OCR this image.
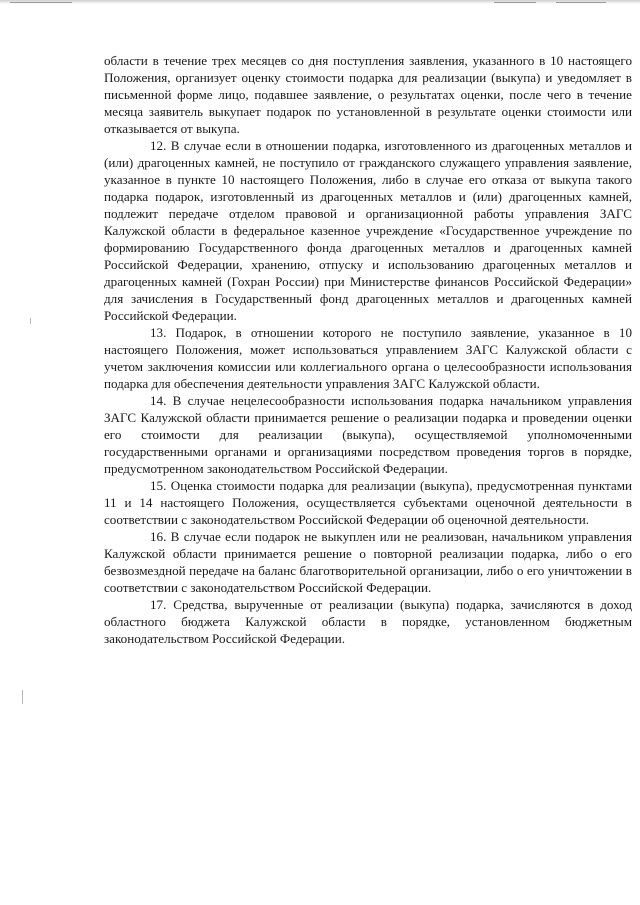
области в течение трех месяцев со дня поступления заявления, указанного в 10 настоящего Положения, организует оценку стоимости подарка для реализации (выкупа) и уведомляет в письменной форме лицо, подавшее заявление, о результатах оценки, после чего в течение месяца заявитель выкупает подарок по установленной в результате оценки стоимости или отказывается от выкупа.

12. В случае если в отношении подарка, изготовленного из драгоценных металлов и (или) драгоценных камней, не поступило от гражданского служащего управления заявление, указанное в пункте 10 настоящего Положения, либо в случае его отказа от выкупа такого подарка подарок, изготовленный из драгоценных металлов и (или) драгоценных камней, подлежит передаче отделом правовой и организационной работы управления ЗАГС Калужской области в федеральное казенное учреждение «Государственное учреждение по формированию Государственного фонда драгоценных металлов и драгоценных камней Российской Федерации, хранению, отпуску и использованию драгоценных металлов и драгоценных камней (Гохран России) при Министерстве финансов Российской Федерации» для зачисления в Государственный фонд драгоценных металлов и драгоценных камней Российской Федерации.

13. Подарок, в отношении которого не поступило заявление, указанное в 10 настоящего Положения, может использоваться управлением ЗАГС Калужской области с учетом заключения комиссии или коллегиального органа о целесообразности использования подарка для обеспечения деятельности управления ЗАГС Калужской области.

14. В случае нецелесообразности использования подарка начальником управления ЗАГС Калужской области принимается решение о реализации подарка и проведении оценки его стоимости для реализации (выкупа), осуществляемой уполномоченными государственными органами и организациями посредством проведения торгов в порядке, предусмотренном законодательством Российской Федерации.

15. Оценка стоимости подарка для реализации (выкупа), предусмотренная пунктами 11 и 14 настоящего Положения, осуществляется субъектами оценочной деятельности в соответствии с законодательством Российской Федерации об оценочной деятельности.

16. В случае если подарок не выкуплен или не реализован, начальником управления Калужской области принимается решение о повторной реализации подарка, либо о его безвозмездной передаче на баланс благотворительной организации, либо о его уничтожении в соответствии с законодательством Российской Федерации.

17. Средства, вырученные от реализации (выкупа) подарка, зачисляются в доход областного бюджета Калужской области в порядке, установленном бюджетным законодательством Российской Федерации.
